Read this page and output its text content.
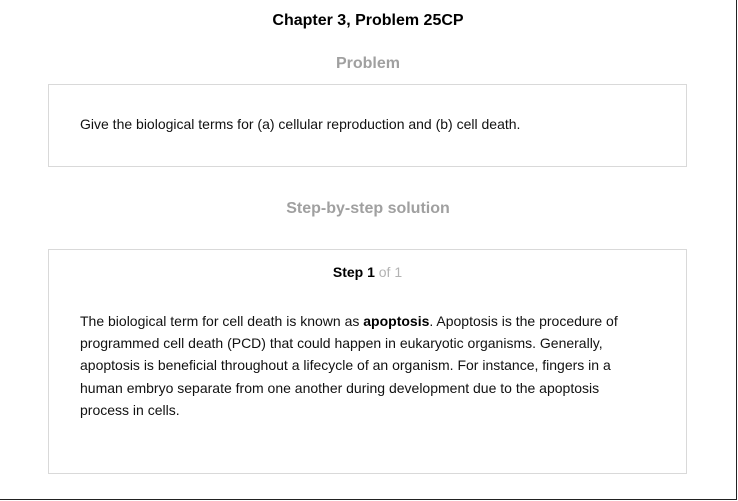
Chapter 3, Problem 25CP
Problem
Give the biological terms for (a) cellular reproduction and (b) cell death.
Step-by-step solution
Step 1 of 1
The biological term for cell death is known as apoptosis. Apoptosis is the procedure of programmed cell death (PCD) that could happen in eukaryotic organisms. Generally, apoptosis is beneficial throughout a lifecycle of an organism. For instance, fingers in a human embryo separate from one another during development due to the apoptosis process in cells.
